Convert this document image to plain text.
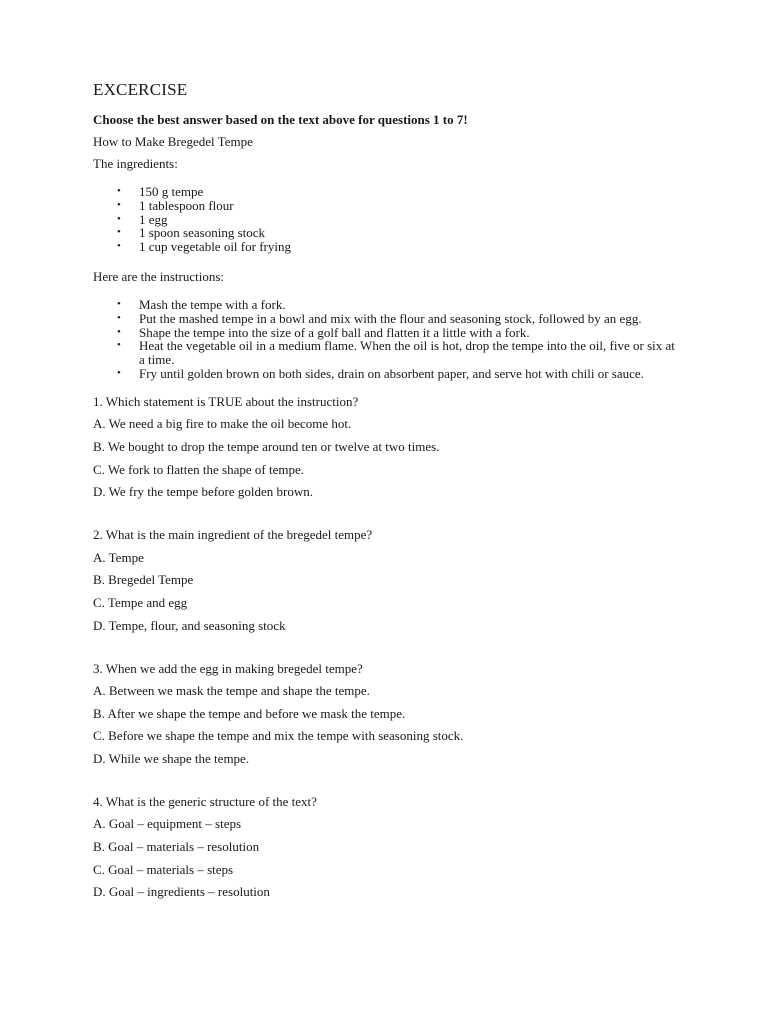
EXCERCISE
Choose the best answer based on the text above for questions 1 to 7!
How to Make Bregedel Tempe
The ingredients:
• 150 g tempe
• 1 tablespoon flour
• 1 egg
• 1 spoon seasoning stock
• 1 cup vegetable oil for frying
Here are the instructions:
• Mash the tempe with a fork.
• Put the mashed tempe in a bowl and mix with the flour and seasoning stock, followed by an egg.
• Shape the tempe into the size of a golf ball and flatten it a little with a fork.
• Heat the vegetable oil in a medium flame. When the oil is hot, drop the tempe into the oil, five or six at a time.
• Fry until golden brown on both sides, drain on absorbent paper, and serve hot with chili or sauce.
1. Which statement is TRUE about the instruction?
A. We need a big fire to make the oil become hot.
B. We bought to drop the tempe around ten or twelve at two times.
C. We fork to flatten the shape of tempe.
D. We fry the tempe before golden brown.
2. What is the main ingredient of the bregedel tempe?
A. Tempe
B. Bregedel Tempe
C. Tempe and egg
D. Tempe, flour, and seasoning stock
3. When we add the egg in making bregedel tempe?
A. Between we mask the tempe and shape the tempe.
B. After we shape the tempe and before we mask the tempe.
C. Before we shape the tempe and mix the tempe with seasoning stock.
D. While we shape the tempe.
4. What is the generic structure of the text?
A. Goal – equipment – steps
B. Goal – materials – resolution
C. Goal – materials – steps
D. Goal – ingredients – resolution
